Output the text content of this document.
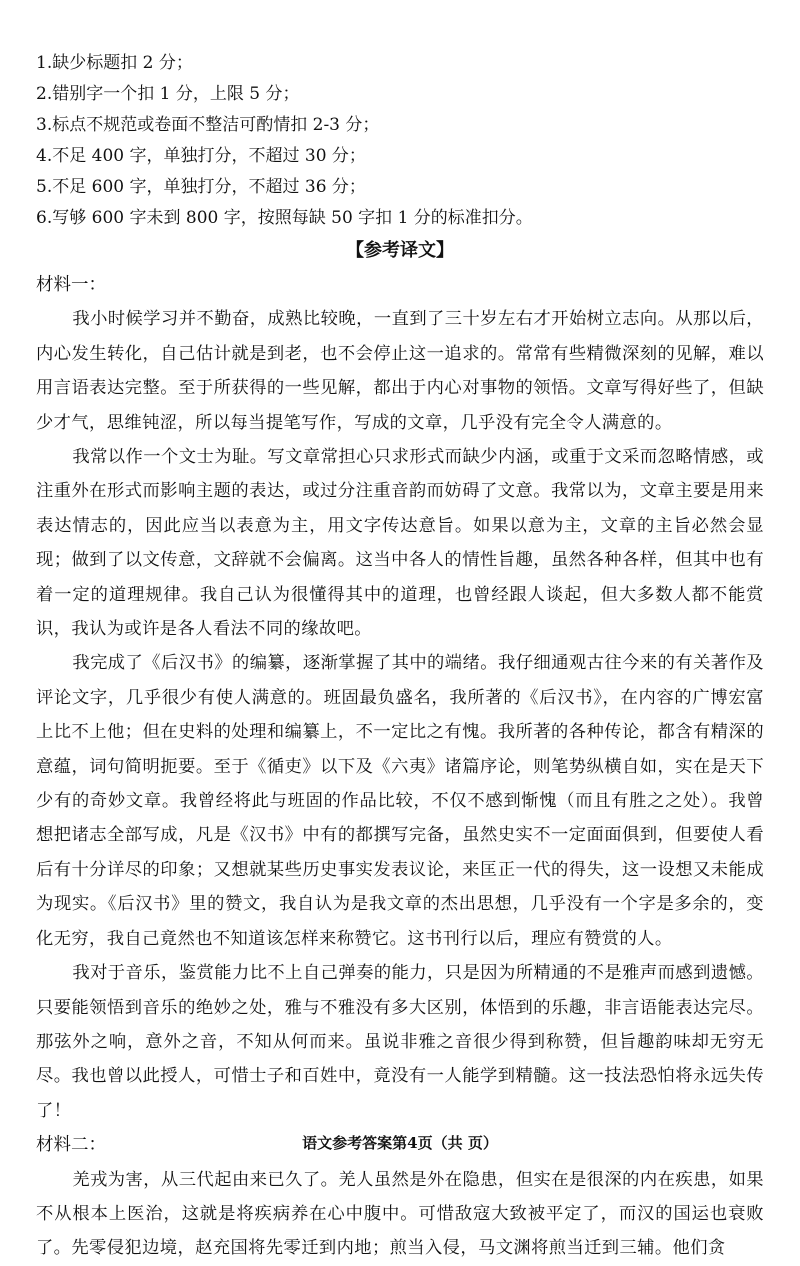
1.缺少标题扣 2 分；
2.错别字一个扣 1 分，上限 5 分；
3.标点不规范或卷面不整洁可酌情扣 2-3 分；
4.不足 400 字，单独打分，不超过 30 分；
5.不足 600 字，单独打分，不超过 36 分；
6.写够 600 字未到 800 字，按照每缺 50 字扣 1 分的标准扣分。
【参考译文】
材料一：

我小时候学习并不勤奋，成熟比较晚，一直到了三十岁左右才开始树立志向。从那以后，内心发生转化，自己估计就是到老，也不会停止这一追求的。常常有些精微深刻的见解，难以用言语表达完整。至于所获得的一些见解，都出于内心对事物的领悟。文章写得好些了，但缺少才气，思维钝涩，所以每当提笔写作，写成的文章，几乎没有完全令人满意的。

我常以作一个文士为耻。写文章常担心只求形式而缺少内涵，或重于文采而忽略情感，或注重外在形式而影响主题的表达，或过分注重音韵而妨碍了文意。我常以为，文章主要是用来表达情志的，因此应当以表意为主，用文字传达意旨。如果以意为主，文章的主旨必然会显现；做到了以文传意，文辞就不会偏离。这当中各人的情性旨趣，虽然各种各样，但其中也有着一定的道理规律。我自己认为很懂得其中的道理，也曾经跟人谈起，但大多数人都不能赏识，我认为或许是各人看法不同的缘故吧。

我完成了《后汉书》的编纂，逐渐掌握了其中的端绪。我仔细通观古往今来的有关著作及评论文字，几乎很少有使人满意的。班固最负盛名，我所著的《后汉书》，在内容的广博宏富上比不上他；但在史料的处理和编纂上，不一定比之有愧。我所著的各种传论，都含有精深的意蕴，词句简明扼要。至于《循吏》以下及《六夷》诸篇序论，则笔势纵横自如，实在是天下少有的奇妙文章。我曾经将此与班固的作品比较，不仅不感到惭愧（而且有胜之之处）。我曾想把诸志全部写成，凡是《汉书》中有的都撰写完备，虽然史实不一定面面俱到，但要使人看后有十分详尽的印象；又想就某些历史事实发表议论，来匡正一代的得失，这一设想又未能成为现实。《后汉书》里的赞文，我自认为是我文章的杰出思想，几乎没有一个字是多余的，变化无穷，我自己竟然也不知道该怎样来称赞它。这书刊行以后，理应有赞赏的人。

我对于音乐，鉴赏能力比不上自己弹奏的能力，只是因为所精通的不是雅声而感到遗憾。只要能领悟到音乐的绝妙之处，雅与不雅没有多大区别，体悟到的乐趣，非言语能表达完尽。那弦外之响，意外之音，不知从何而来。虽说非雅之音很少得到称赞，但旨趣韵味却无穷无尽。我也曾以此授人，可惜士子和百姓中，竟没有一人能学到精髓。这一技法恐怕将永远失传了！

材料二：

羌戎为害，从三代起由来已久了。羌人虽然是外在隐患，但实在是很深的内在疾患，如果不从根本上医治，这就是将疾病养在心中腹中。可惜敌寇大致被平定了，而汉的国运也衰败了。先零侵犯边境，赵充国将先零迁到内地；煎当入侵，马文渊将煎当迁到三辅。他们贪

语文参考答案第4页（共 页）
